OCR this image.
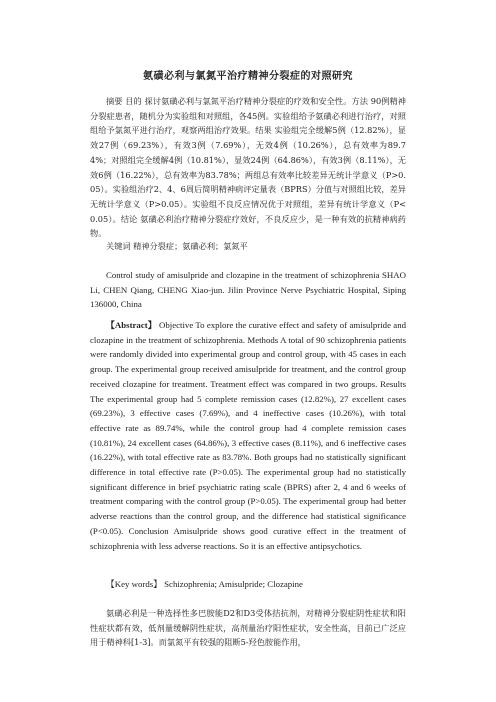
氨磺必利与氯氮平治疗精神分裂症的对照研究
摘要 目的 探讨氨磺必利与氯氮平治疗精神分裂症的疗效和安全性。方法 90例精神分裂症患者，随机分为实验组和对照组，各45例。实验组给予氨磺必利进行治疗，对照组给予氯氮平进行治疗，观察两组治疗效果。结果 实验组完全缓解5例（12.82%），显效27例（69.23%），有效3例（7.69%），无效4例（10.26%），总有效率为89.74%；对照组完全缓解4例（10.81%），显效24例（64.86%），有效3例（8.11%），无效6例（16.22%），总有效率为83.78%；两组总有效率比较差异无统计学意义（P>0.05）。实验组治疗2、4、6周后简明精神病评定量表（BPRS）分值与对照组比较，差异无统计学意义（P>0.05）。实验组不良反应情况优于对照组，差异有统计学意义（P<0.05）。结论 氨磺必利治疗精神分裂症疗效好，不良反应少，是一种有效的抗精神病药物。
关键词 精神分裂症；氨磺必利；氯氮平
Control study of amisulpride and clozapine in the treatment of schizophrenia SHAO Li, CHEN Qiang, CHENG Xiao-jun. Jilin Province Nerve Psychiatric Hospital, Siping 136000, China
【Abstract】 Objective To explore the curative effect and safety of amisulpride and clozapine in the treatment of schizophrenia. Methods A total of 90 schizophrenia patients were randomly divided into experimental group and control group, with 45 cases in each group. The experimental group received amisulpride for treatment, and the control group received clozapine for treatment. Treatment effect was compared in two groups. Results The experimental group had 5 complete remission cases (12.82%), 27 excellent cases (69.23%), 3 effective cases (7.69%), and 4 ineffective cases (10.26%), with total effective rate as 89.74%, while the control group had 4 complete remission cases (10.81%), 24 excellent cases (64.86%), 3 effective cases (8.11%), and 6 ineffective cases (16.22%), with total effective rate as 83.78%. Both groups had no statistically significant difference in total effective rate (P>0.05). The experimental group had no statistically significant difference in brief psychiatric rating scale (BPRS) after 2, 4 and 6 weeks of treatment comparing with the control group (P>0.05). The experimental group had better adverse reactions than the control group, and the difference had statistical significance (P<0.05). Conclusion Amisulpride shows good curative effect in the treatment of schizophrenia with less adverse reactions. So it is an effective antipsychotics.
【Key words】 Schizophrenia; Amisulpride; Clozapine
氨磺必利是一种选择性多巴胺能D2和D3受体拮抗剂，对精神分裂症阴性症状和阳性症状都有效，低剂量缓解阴性症状，高剂量治疗阳性症状，安全性高，目前已广泛应用于精神科[1-3]。而氯氮平有较强的阻断5-羟色胺能作用，
